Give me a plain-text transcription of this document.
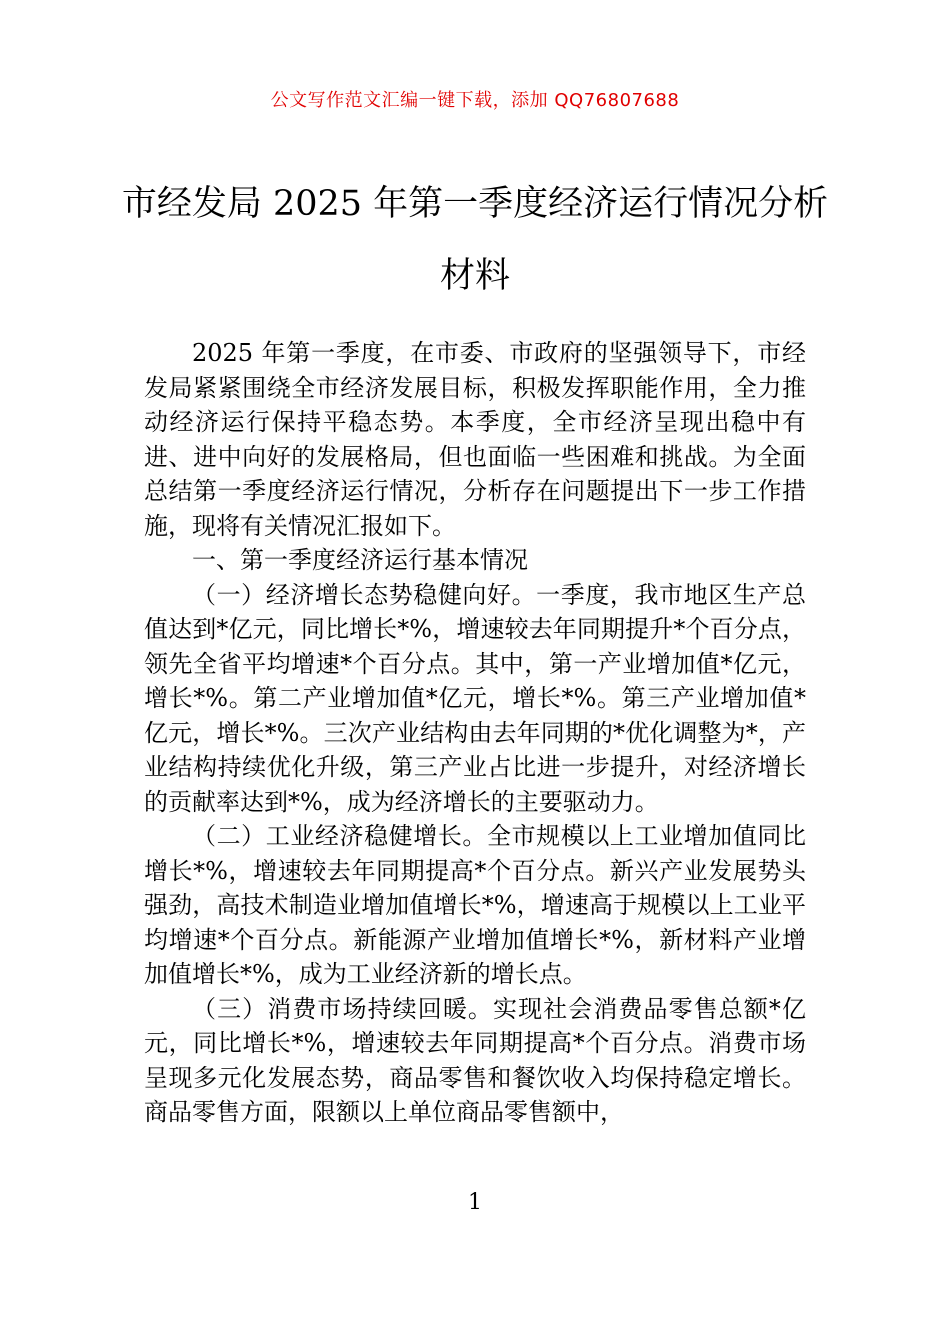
公文写作范文汇编一键下载，添加 QQ76807688
市经发局 2025 年第一季度经济运行情况分析材料

2025 年第一季度，在市委、市政府的坚强领导下，市经发局紧紧围绕全市经济发展目标，积极发挥职能作用，全力推动经济运行保持平稳态势。本季度，全市经济呈现出稳中有进、进中向好的发展格局，但也面临一些困难和挑战。为全面总结第一季度经济运行情况，分析存在问题提出下一步工作措施，现将有关情况汇报如下。

一、第一季度经济运行基本情况

（一）经济增长态势稳健向好。一季度，我市地区生产总值达到*亿元，同比增长*%，增速较去年同期提升*个百分点，领先全省平均增速*个百分点。其中，第一产业增加值*亿元，增长*%。第二产业增加值*亿元，增长*%。第三产业增加值*亿元，增长*%。三次产业结构由去年同期的*优化调整为*，产业结构持续优化升级，第三产业占比进一步提升，对经济增长的贡献率达到*%，成为经济增长的主要驱动力。

（二）工业经济稳健增长。全市规模以上工业增加值同比增长*%，增速较去年同期提高*个百分点。新兴产业发展势头强劲，高技术制造业增加值增长*%，增速高于规模以上工业平均增速*个百分点。新能源产业增加值增长*%，新材料产业增加值增长*%，成为工业经济新的增长点。

（三）消费市场持续回暖。实现社会消费品零售总额*亿元，同比增长*%，增速较去年同期提高*个百分点。消费市场呈现多元化发展态势，商品零售和餐饮收入均保持稳定增长。商品零售方面，限额以上单位商品零售额中，

1
